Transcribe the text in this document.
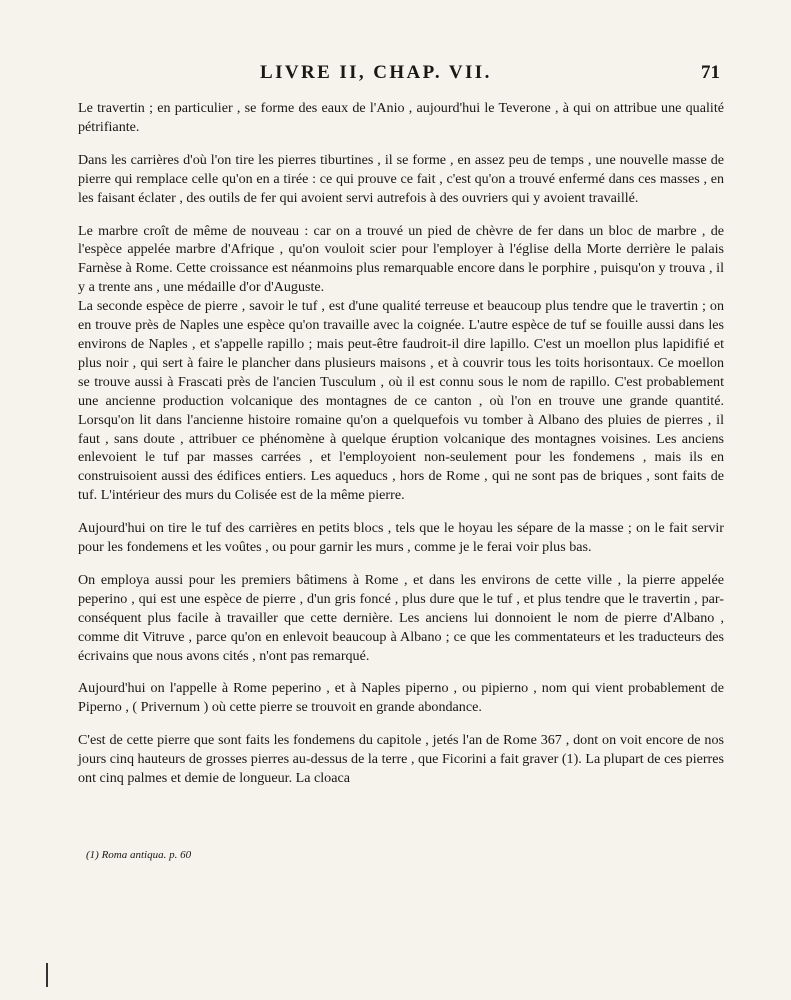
LIVRE II, CHAP. VII.	71

Le travertin ; en particulier , se forme des eaux de l'Anio , aujourd'hui le Teverone , à qui on attribue une qualité pétrifiante.

Dans les carrières d'où l'on tire les pierres tiburtines , il se forme , en assez peu de temps , une nouvelle masse de pierre qui remplace celle qu'on en a tirée : ce qui prouve ce fait , c'est qu'on a trouvé enfermé dans ces masses , en les faisant éclater , des outils de fer qui avoient servi autrefois à des ouvriers qui y avoient travaillé.

Le marbre croît de même de nouveau : car on a trouvé un pied de chèvre de fer dans un bloc de marbre , de l'espèce appelée marbre d'Afrique , qu'on vouloit scier pour l'employer à l'église della Morte derrière le palais Farnèse à Rome. Cette croissance est néanmoins plus remarquable encore dans le porphire , puisqu'on y trouva , il y a trente ans , une médaille d'or d'Auguste.

La seconde espèce de pierre , savoir le tuf , est d'une qualité terreuse et beaucoup plus tendre que le travertin ; on en trouve près de Naples une espèce qu'on travaille avec la coignée. L'autre espèce de tuf se fouille aussi dans les environs de Naples , et s'appelle rapillo ; mais peut-être faudroit-il dire lapillo. C'est un moellon plus lapidifié et plus noir , qui sert à faire le plancher dans plusieurs maisons , et à couvrir tous les toits horisontaux. Ce moellon se trouve aussi à Frascati près de l'ancien Tusculum , où il est connu sous le nom de rapillo. C'est probablement une ancienne production volcanique des montagnes de ce canton , où l'on en trouve une grande quantité. Lorsqu'on lit dans l'ancienne histoire romaine qu'on a quelquefois vu tomber à Albano des pluies de pierres , il faut , sans doute , attribuer ce phénomène à quelque éruption volcanique des montagnes voisines. Les anciens enlevoient le tuf par masses carrées , et l'employoient non-seulement pour les fondemens , mais ils en construisoient aussi des édifices entiers. Les aqueducs , hors de Rome , qui ne sont pas de briques , sont faits de tuf. L'intérieur des murs du Colisée est de la même pierre.

Aujourd'hui on tire le tuf des carrières en petits blocs , tels que le hoyau les sépare de la masse ; on le fait servir pour les fondemens et les voûtes , ou pour garnir les murs , comme je le ferai voir plus bas.

On employa aussi pour les premiers bâtimens à Rome , et dans les environs de cette ville , la pierre appelée peperino , qui est une espèce de pierre , d'un gris foncé , plus dure que le tuf , et plus tendre que le travertin , par-conséquent plus facile à travailler que cette dernière. Les anciens lui donnoient le nom de pierre d'Albano , comme dit Vitruve , parce qu'on en enlevoit beaucoup à Albano ; ce que les commentateurs et les traducteurs des écrivains que nous avons cités , n'ont pas remarqué.

Aujourd'hui on l'appelle à Rome peperino , et à Naples piperno , ou pipierno , nom qui vient probablement de Piperno , ( Privernum ) où cette pierre se trouvoit en grande abondance.

C'est de cette pierre que sont faits les fondemens du capitole , jetés l'an de Rome 367 , dont on voit encore de nos jours cinq hauteurs de grosses pierres au-dessus de la terre , que Ficorini a fait graver (1). La plupart de ces pierres ont cinq palmes et demie de longueur. La cloaca

(1) Roma antiqua. p. 60
